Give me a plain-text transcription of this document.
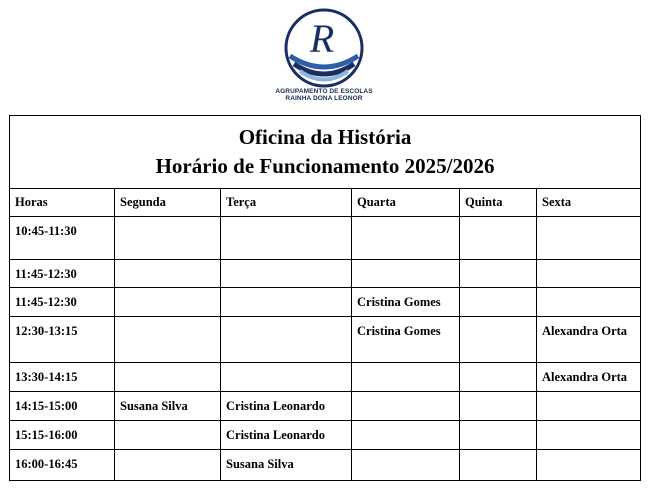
R
AGRUPAMENTO DE ESCOLAS
RAINHA DONA LEONOR
Oficina da História
Horário de Funcionamento 2025/2026					

Horas	Segunda	Terça	Quarta	Quinta	Sexta
10:45-11:30					
11:45-12:30					
11:45-12:30			Cristina Gomes		
12:30-13:15			Cristina Gomes		Alexandra Orta
13:30-14:15					Alexandra Orta
14:15-15:00	Susana Silva	Cristina Leonardo			
15:15-16:00		Cristina Leonardo			
16:00-16:45		Susana Silva			
